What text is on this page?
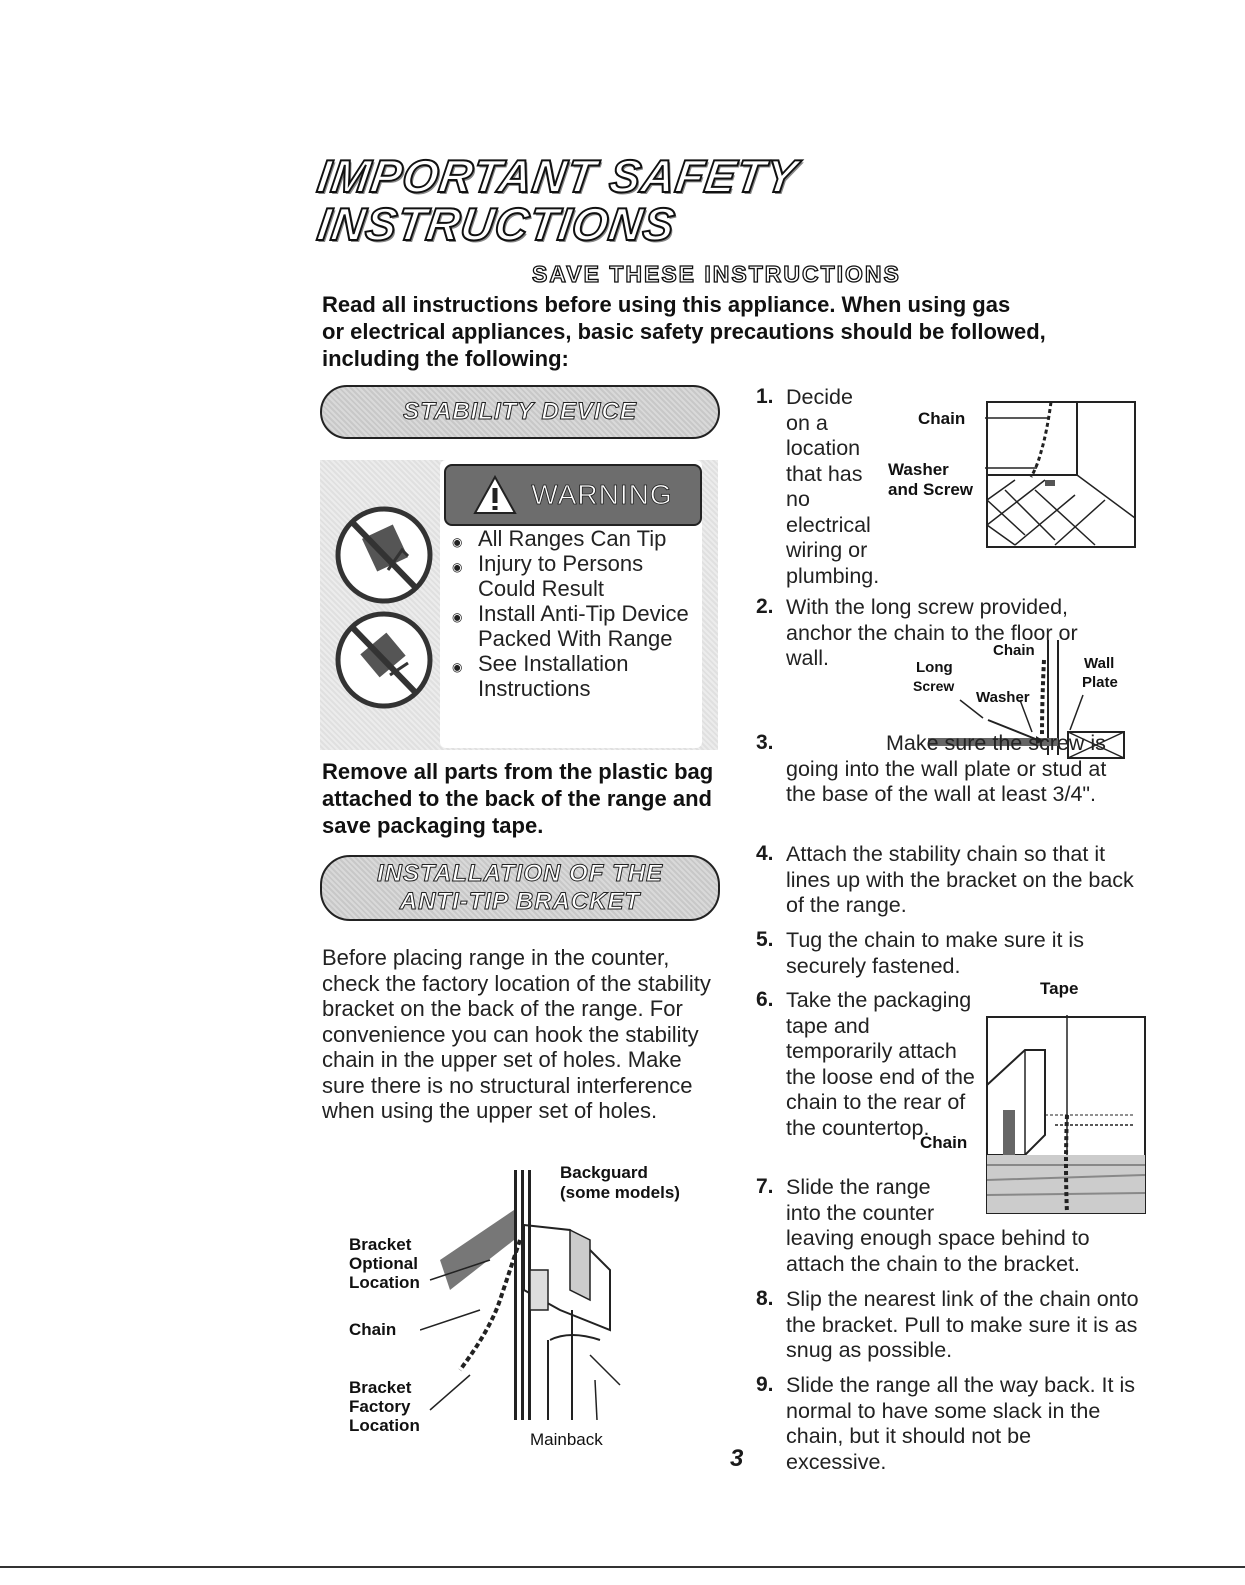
IMPORTANT SAFETY
INSTRUCTIONS
SAVE THESE INSTRUCTIONS
Read all instructions before using this appliance. When using gas
or electrical appliances, basic safety precautions should be followed,
including the following:
STABILITY DEVICE
WARNING
◉ All Ranges Can Tip
◉ Injury to Persons Could Result
◉ Install Anti-Tip Device Packed With Range
◉ See Installation Instructions
Remove all parts from the plastic bag attached to the back of the range and save packaging tape.
INSTALLATION OF THE
ANTI-TIP BRACKET
Before placing range in the counter, check the factory location of the stability bracket on the back of the range. For convenience you can hook the stability chain in the upper set of holes. Make sure there is no structural interference when using the upper set of holes.
Backguard
(some models)
Bracket
Optional
Location
Chain
Bracket
Factory
Location
Mainback
1. Decide on a location that has no electrical wiring or plumbing.
Chain
Washer
and Screw
2. With the long screw provided, anchor the chain to the floor or wall.	Chain
Long
Screw
Washer
Wall
Plate
3.	Make sure the screw is going into the wall plate or stud at the base of the wall at least 3/4".
4. Attach the stability chain so that it lines up with the bracket on the back of the range.
5. Tug the chain to make sure it is securely fastened.
6. Take the packaging tape and temporarily attach the loose end of the chain to the rear of the countertop.
Tape
Chain
7. Slide the range into the counter leaving enough space behind to attach the chain to the bracket.
8. Slip the nearest link of the chain onto the bracket. Pull to make sure it is as snug as possible.
9. Slide the range all the way back. It is normal to have some slack in the chain, but it should not be excessive.
3
